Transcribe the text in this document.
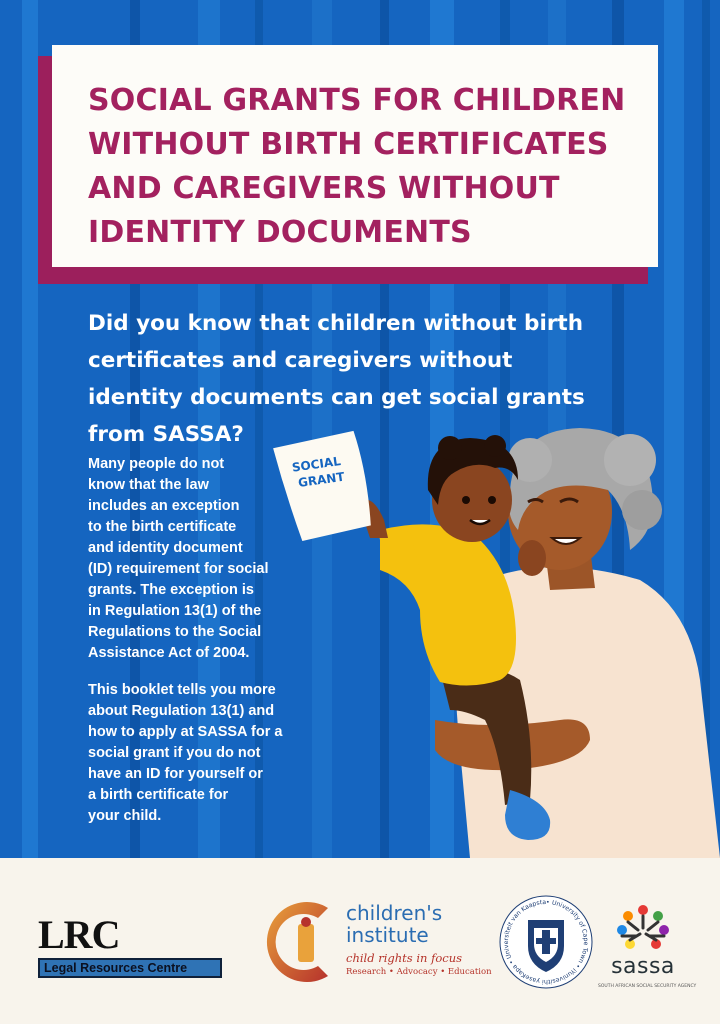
SOCIAL GRANTS FOR CHILDREN WITHOUT BIRTH CERTIFICATES AND CAREGIVERS WITHOUT IDENTITY DOCUMENTS

Did you know that children without birth certificates and caregivers without identity documents can get social grants from SASSA?

Many people do not
know that the law
includes an exception
to the birth certificate
and identity document
(ID) requirement for social
grants. The exception is
in Regulation 13(1) of the
Regulations to the Social
Assistance Act of 2004.

This booklet tells you more
about Regulation 13(1) and
how to apply at SASSA for a
social grant if you do not
have an ID for yourself or
a birth certificate for
your child.

SOCIAL
GRANT
LRC
Legal Resources Centre

children's
institute

child rights in focus

Research • Advocacy • Education

• University of Cape Town • iYunivesithi yaseKapa • Universiteit van Kaapsta

sassa

SOUTH AFRICAN SOCIAL SECURITY AGENCY
